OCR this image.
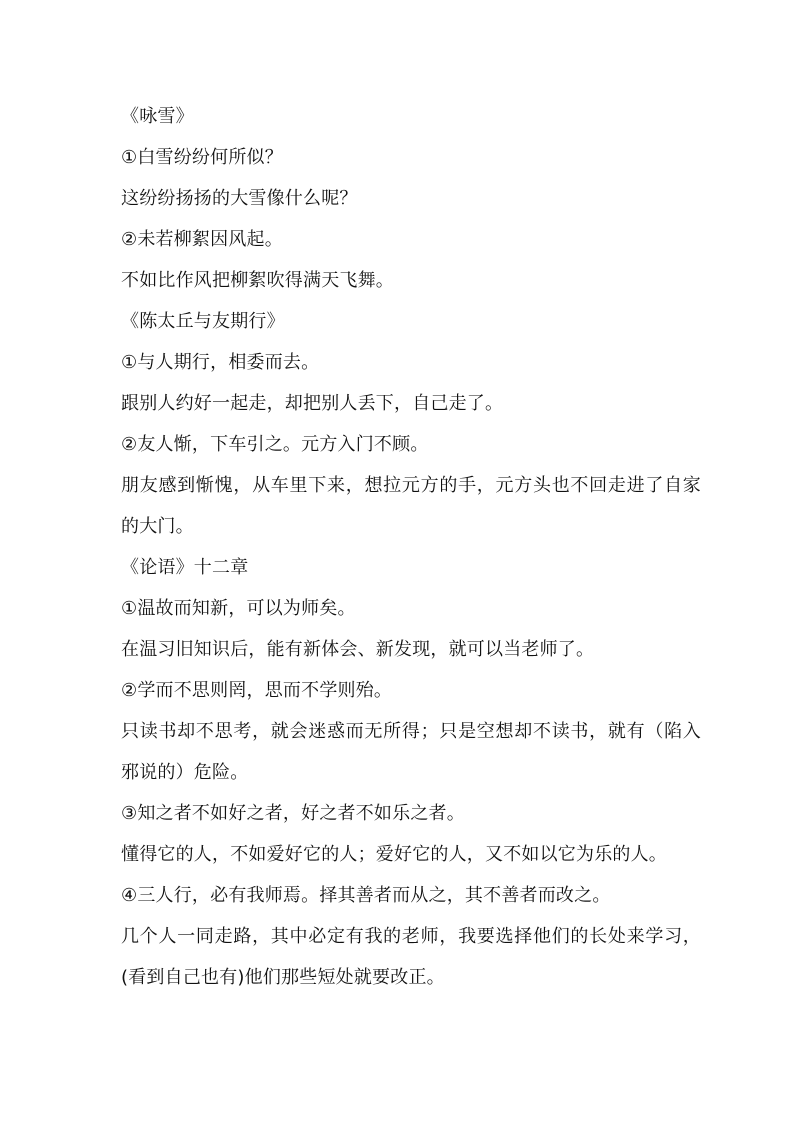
《咏雪》
①白雪纷纷何所似？
这纷纷扬扬的大雪像什么呢？
②未若柳絮因风起。
不如比作风把柳絮吹得满天飞舞。
《陈太丘与友期行》
①与人期行，相委而去。
跟别人约好一起走，却把别人丢下，自己走了。
②友人惭，下车引之。元方入门不顾。
朋友感到惭愧，从车里下来，想拉元方的手，元方头也不回走进了自家的大门。
《论语》十二章
①温故而知新，可以为师矣。
在温习旧知识后，能有新体会、新发现，就可以当老师了。
②学而不思则罔，思而不学则殆。
只读书却不思考，就会迷惑而无所得；只是空想却不读书，就有（陷入邪说的）危险。
③知之者不如好之者，好之者不如乐之者。
懂得它的人，不如爱好它的人；爱好它的人，又不如以它为乐的人。
④三人行，必有我师焉。择其善者而从之，其不善者而改之。
几个人一同走路，其中必定有我的老师，我要选择他们的长处来学习，(看到自己也有)他们那些短处就要改正。
